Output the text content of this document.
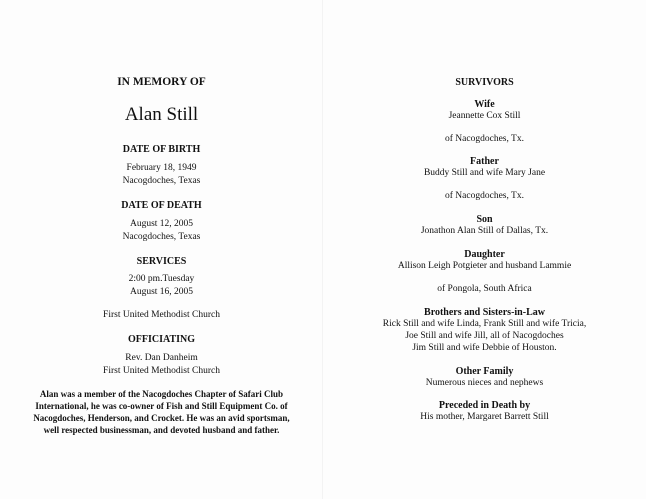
IN MEMORY OF
Alan Still
DATE OF BIRTH
February 18, 1949
Nacogdoches, Texas
DATE OF DEATH
August 12, 2005
Nacogdoches, Texas
SERVICES
2:00 pm.Tuesday
August 16, 2005
First United Methodist Church
OFFICIATING
Rev. Dan Danheim
First United Methodist Church
Alan was a member of the Nacogdoches Chapter of Safari Club
International, he was co-owner of Fish and Still Equipment Co. of
Nacogdoches, Henderson, and Crocket. He was an avid sportsman,
well respected businessman, and devoted husband and father.
SURVIVORS
Wife
Jeannette Cox Still
of Nacogdoches, Tx.
Father
Buddy Still and wife Mary Jane
of Nacogdoches, Tx.
Son
Jonathon Alan Still of Dallas, Tx.
Daughter
Allison Leigh Potgieter and husband Lammie
of Pongola, South Africa
Brothers and Sisters-in-Law
Rick Still and wife Linda, Frank Still and wife Tricia,
Joe Still and wife Jill, all of Nacogdoches
Jim Still and wife Debbie of Houston.
Other Family
Numerous nieces and nephews
Preceded in Death by
His mother, Margaret Barrett Still
